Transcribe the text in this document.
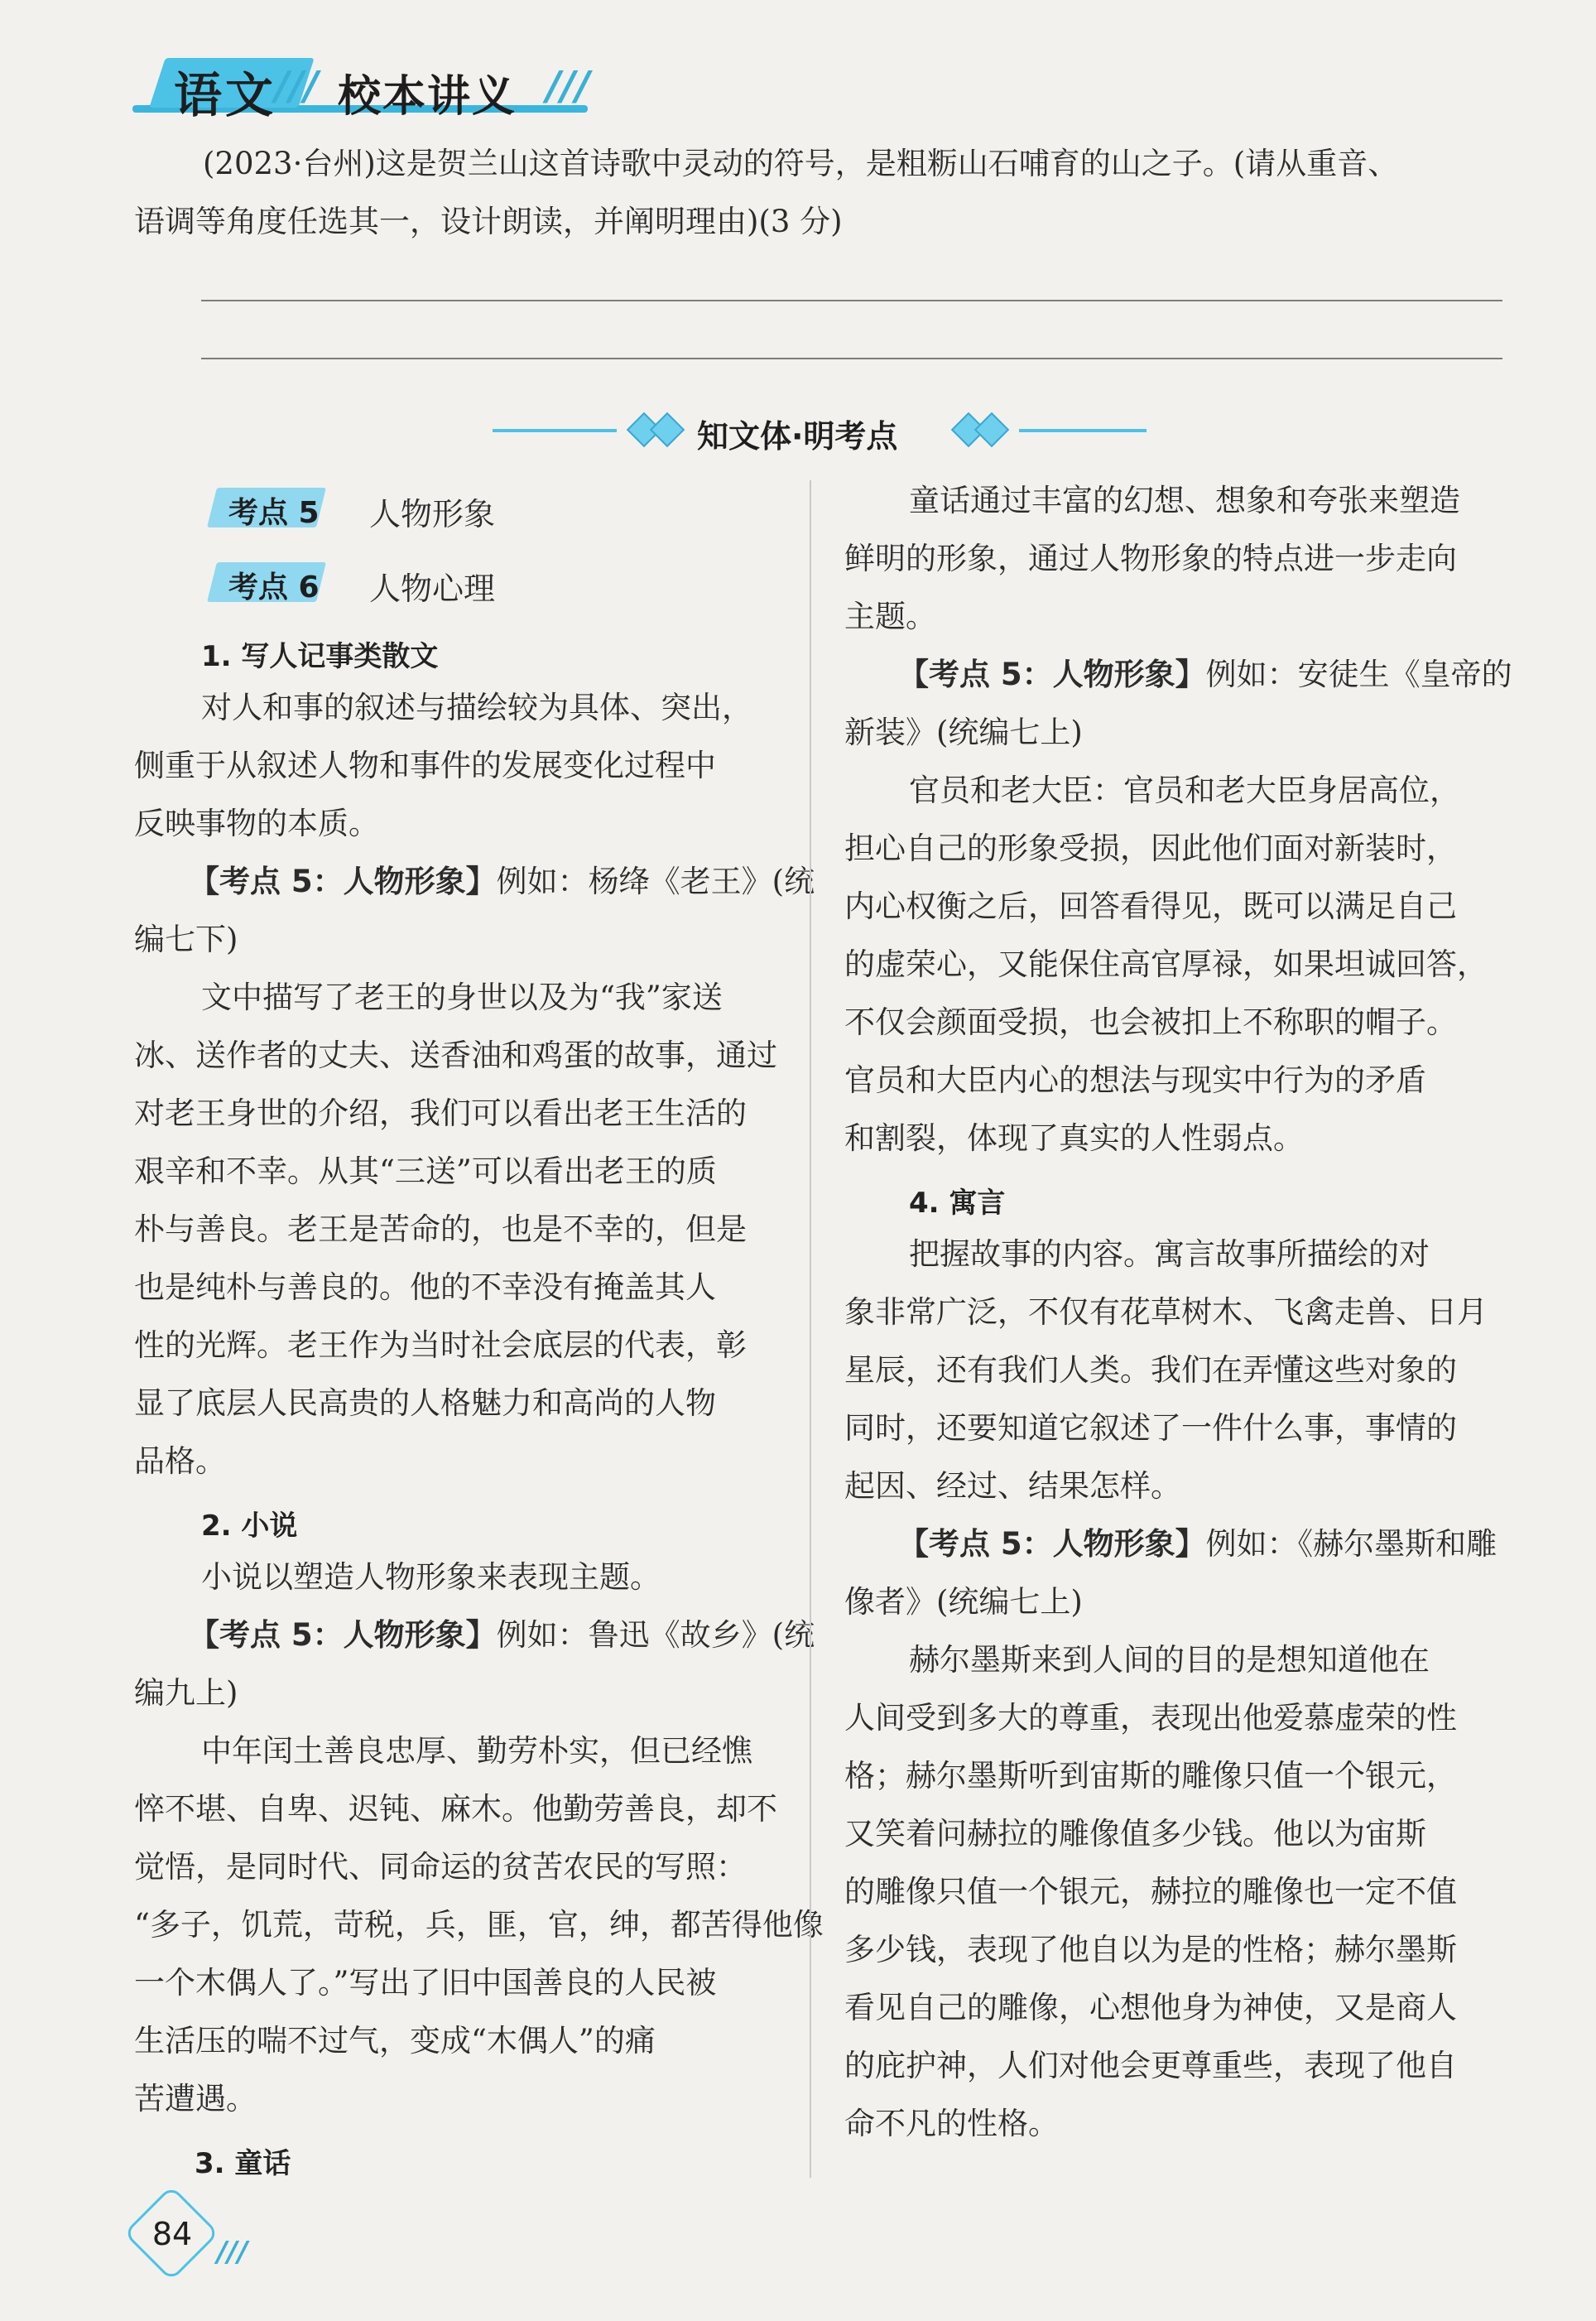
语文
/// 校本讲义 ///
(2023·台州)这是贺兰山这首诗歌中灵动的符号，是粗粝山石哺育的山之子。(请从重音、
语调等角度任选其一，设计朗读，并阐明理由)(3 分)
知文体·明考点
考点 5 人物形象
考点 6 人物心理
1. 写人记事类散文
对人和事的叙述与描绘较为具体、突出，
侧重于从叙述人物和事件的发展变化过程中
反映事物的本质。
【考点 5：人物形象】例如：杨绛《老王》(统
编七下)
文中描写了老王的身世以及为“我”家送
冰、送作者的丈夫、送香油和鸡蛋的故事，通过
对老王身世的介绍，我们可以看出老王生活的
艰辛和不幸。从其“三送”可以看出老王的质
朴与善良。老王是苦命的，也是不幸的，但是
也是纯朴与善良的。他的不幸没有掩盖其人
性的光辉。老王作为当时社会底层的代表，彰
显了底层人民高贵的人格魅力和高尚的人物
品格。
2. 小说
小说以塑造人物形象来表现主题。
【考点 5：人物形象】例如：鲁迅《故乡》(统
编九上)
中年闰土善良忠厚、勤劳朴实，但已经憔
悴不堪、自卑、迟钝、麻木。他勤劳善良，却不
觉悟，是同时代、同命运的贫苦农民的写照：
“多子，饥荒，苛税，兵，匪，官，绅，都苦得他像
一个木偶人了。”写出了旧中国善良的人民被
生活压的喘不过气，变成“木偶人”的痛
苦遭遇。
3. 童话
童话通过丰富的幻想、想象和夸张来塑造
鲜明的形象，通过人物形象的特点进一步走向
主题。
【考点 5：人物形象】例如：安徒生《皇帝的
新装》(统编七上)
官员和老大臣：官员和老大臣身居高位，
担心自己的形象受损，因此他们面对新装时，
内心权衡之后，回答看得见，既可以满足自己
的虚荣心，又能保住高官厚禄，如果坦诚回答，
不仅会颜面受损，也会被扣上不称职的帽子。
官员和大臣内心的想法与现实中行为的矛盾
和割裂，体现了真实的人性弱点。
4. 寓言
把握故事的内容。寓言故事所描绘的对
象非常广泛，不仅有花草树木、飞禽走兽、日月
星辰，还有我们人类。我们在弄懂这些对象的
同时，还要知道它叙述了一件什么事，事情的
起因、经过、结果怎样。
【考点 5：人物形象】例如：《赫尔墨斯和雕
像者》(统编七上)
赫尔墨斯来到人间的目的是想知道他在
人间受到多大的尊重，表现出他爱慕虚荣的性
格；赫尔墨斯听到宙斯的雕像只值一个银元，
又笑着问赫拉的雕像值多少钱。他以为宙斯
的雕像只值一个银元，赫拉的雕像也一定不值
多少钱，表现了他自以为是的性格；赫尔墨斯
看见自己的雕像，心想他身为神使，又是商人
的庇护神，人们对他会更尊重些，表现了他自
命不凡的性格。
84 ///
